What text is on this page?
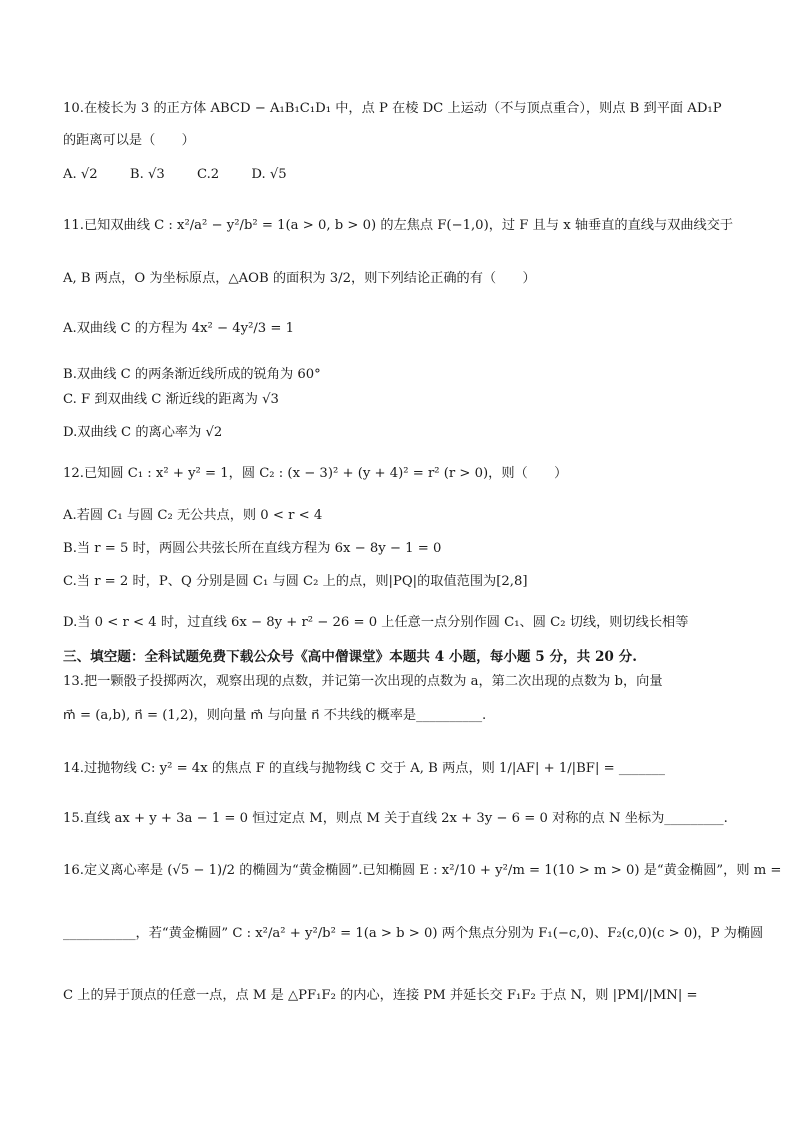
10.在棱长为 3 的正方体 ABCD − A₁B₁C₁D₁ 中，点 P 在棱 DC 上运动（不与顶点重合），则点 B 到平面 AD₁P
的距离可以是（　　）
A. √2 B. √3 C.2 D. √5
11.已知双曲线 C : x²/a² − y²/b² = 1(a > 0, b > 0) 的左焦点 F(−1,0)，过 F 且与 x 轴垂直的直线与双曲线交于
A, B 两点，O 为坐标原点，△AOB 的面积为 3/2，则下列结论正确的有（　　）
A.双曲线 C 的方程为 4x² − 4y²/3 = 1
B.双曲线 C 的两条渐近线所成的锐角为 60°
C. F 到双曲线 C 渐近线的距离为 √3
D.双曲线 C 的离心率为 √2
12.已知圆 C₁ : x² + y² = 1，圆 C₂ : (x − 3)² + (y + 4)² = r² (r > 0)，则（　　）
A.若圆 C₁ 与圆 C₂ 无公共点，则 0 < r < 4
B.当 r = 5 时，两圆公共弦长所在直线方程为 6x − 8y − 1 = 0
C.当 r = 2 时，P、Q 分别是圆 C₁ 与圆 C₂ 上的点，则|PQ|的取值范围为[2,8]
D.当 0 < r < 4 时，过直线 6x − 8y + r² − 26 = 0 上任意一点分别作圆 C₁、圆 C₂ 切线，则切线长相等
三、填空题：全科试题免费下载公众号《高中僧课堂》本题共 4 小题，每小题 5 分，共 20 分.
13.把一颗骰子投掷两次，观察出现的点数，并记第一次出现的点数为 a，第二次出现的点数为 b，向量
m⃗ = (a,b), n⃗ = (1,2)，则向量 m⃗ 与向量 n⃗ 不共线的概率是__________.
14.过抛物线 C: y² = 4x 的焦点 F 的直线与抛物线 C 交于 A, B 两点，则 1/|AF| + 1/|BF| = _______
15.直线 ax + y + 3a − 1 = 0 恒过定点 M，则点 M 关于直线 2x + 3y − 6 = 0 对称的点 N 坐标为_________.
16.定义离心率是 (√5 − 1)/2 的椭圆为“黄金椭圆”.已知椭圆 E : x²/10 + y²/m = 1(10 > m > 0) 是“黄金椭圆”，则 m =
___________，若“黄金椭圆” C : x²/a² + y²/b² = 1(a > b > 0) 两个焦点分别为 F₁(−c,0)、F₂(c,0)(c > 0)，P 为椭圆
C 上的异于顶点的任意一点，点 M 是 △PF₁F₂ 的内心，连接 PM 并延长交 F₁F₂ 于点 N，则 |PM|/|MN| =
